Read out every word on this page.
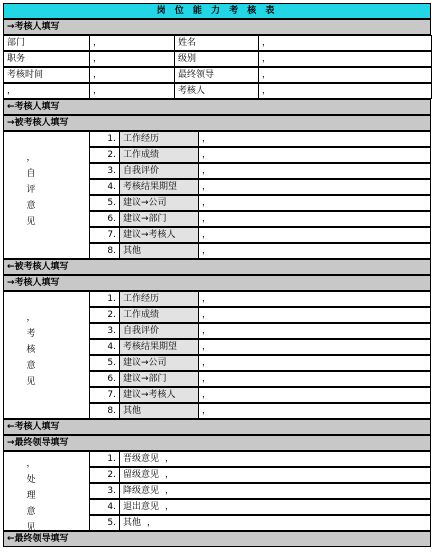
岗 位 能 力 考 核 表
→考核人填写
部门	，	姓名	，
职务	，	级别	，
考核时间	，	最终领导	，
，	，	考核人	，
←考核人填写
→被考核人填写
，
自
评
意
见
1. 工作经历	，
2. 工作成绩	，
3. 自我评价	，
4. 考核结果期望	，
5. 建议→公司	，
6. 建议→部门	，
7. 建议→考核人	，
8. 其他	，
←被考核人填写
→考核人填写
，
考
核
意
见
1. 工作经历	，
2. 工作成绩	，
3. 自我评价	，
4. 考核结果期望	，
5. 建议→公司	，
6. 建议→部门	，
7. 建议→考核人	，
8. 其他	，
←考核人填写
→最终领导填写
，
处
理
意
见
1. 晋级意见 ，
2. 留级意见 ，
3. 降级意见 ，
4. 退出意见 ，
5. 其他 ，
←最终领导填写
